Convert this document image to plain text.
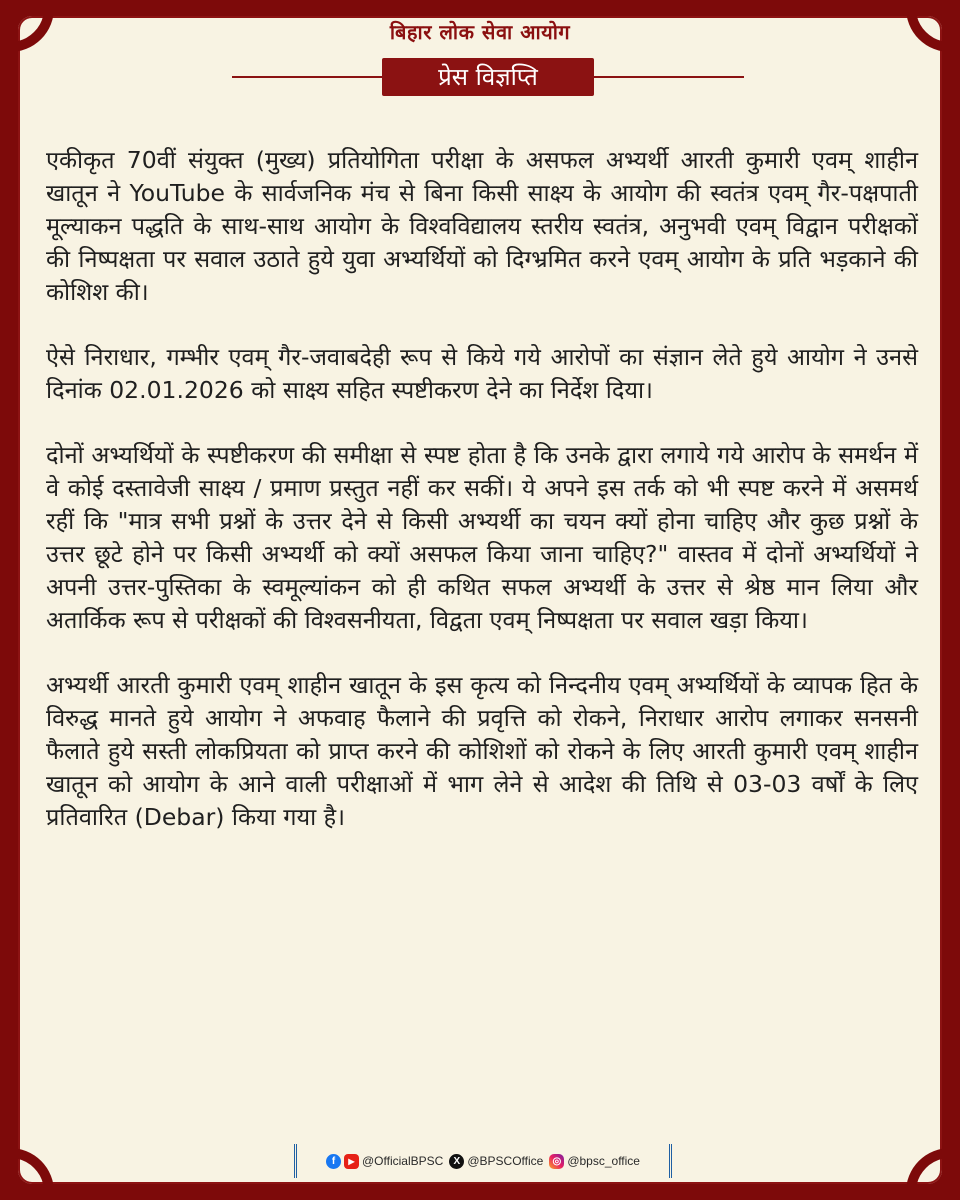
बिहार लोक सेवा आयोग
प्रेस विज्ञप्ति

एकीकृत 70वीं संयुक्त (मुख्य) प्रतियोगिता परीक्षा के असफल अभ्यर्थी आरती कुमारी एवम् शाहीन खातून ने YouTube के सार्वजनिक मंच से बिना किसी साक्ष्य के आयोग की स्वतंत्र एवम् गैर-पक्षपाती मूल्याकन पद्धति के साथ-साथ आयोग के विश्वविद्यालय स्तरीय स्वतंत्र, अनुभवी एवम् विद्वान परीक्षकों की निष्पक्षता पर सवाल उठाते हुये युवा अभ्यर्थियों को दिग्भ्रमित करने एवम् आयोग के प्रति भड़काने की कोशिश की।

ऐसे निराधार, गम्भीर एवम् गैर-जवाबदेही रूप से किये गये आरोपों का संज्ञान लेते हुये आयोग ने उनसे दिनांक 02.01.2026 को साक्ष्य सहित स्पष्टीकरण देने का निर्देश दिया।

दोनों अभ्यर्थियों के स्पष्टीकरण की समीक्षा से स्पष्ट होता है कि उनके द्वारा लगाये गये आरोप के समर्थन में वे कोई दस्तावेजी साक्ष्य / प्रमाण प्रस्तुत नहीं कर सकीं। ये अपने इस तर्क को भी स्पष्ट करने में असमर्थ रहीं कि "मात्र सभी प्रश्नों के उत्तर देने से किसी अभ्यर्थी का चयन क्यों होना चाहिए और कुछ प्रश्नों के उत्तर छूटे होने पर किसी अभ्यर्थी को क्यों असफल किया जाना चाहिए?" वास्तव में दोनों अभ्यर्थियों ने अपनी उत्तर-पुस्तिका के स्वमूल्यांकन को ही कथित सफल अभ्यर्थी के उत्तर से श्रेष्ठ मान लिया और अतार्किक रूप से परीक्षकों की विश्वसनीयता, विद्वता एवम् निष्पक्षता पर सवाल खड़ा किया।

अभ्यर्थी आरती कुमारी एवम् शाहीन खातून के इस कृत्य को निन्दनीय एवम् अभ्यर्थियों के व्यापक हित के विरुद्ध मानते हुये आयोग ने अफवाह फैलाने की प्रवृत्ति को रोकने, निराधार आरोप लगाकर सनसनी फैलाते हुये सस्ती लोकप्रियता को प्राप्त करने की कोशिशों को रोकने के लिए आरती कुमारी एवम् शाहीन खातून को आयोग के आने वाली परीक्षाओं में भाग लेने से आदेश की तिथि से 03-03 वर्षों के लिए प्रतिवारित (Debar) किया गया है।

f	▶ @OfficialBPSC	X @BPSCOffice ◎ @bpsc_office
